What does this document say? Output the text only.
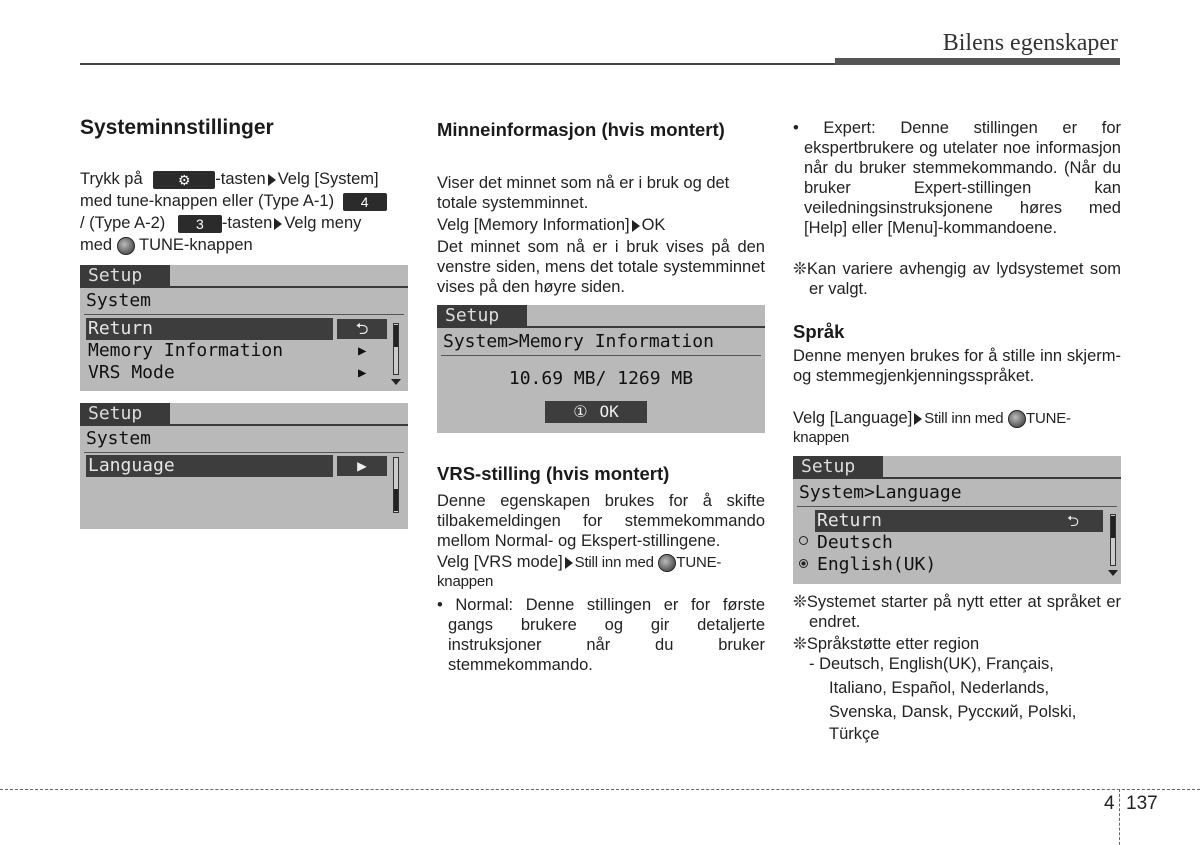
Bilens egenskaper
Systeminnstillinger
Trykk på	⚙ -tasten Velg [System]
med tune-knappen eller (Type A-1) 4
/ (Type A-2) 3 -tasten Velg meny
med TUNE-knappen
Setup
System
Return	⮌
Memory Information	▶
VRS Mode	▶
Setup
System
Language	▶
Minneinformasjon (hvis montert)
Viser det minnet som nå er i bruk og det totale systemminnet.
Velg [Memory Information] OK
Det minnet som nå er i bruk vises på den venstre siden, mens det totale systemminnet vises på den høyre siden.
Setup
System>Memory Information
10.69 MB/ 1269 MB
① OK
VRS-stilling (hvis montert)
Denne egenskapen brukes for å skifte tilbakemeldingen for stemmekommando mellom Normal- og Ekspert-stillingene.
Velg [VRS mode] Still inn med TUNE-
knappen
• Normal: Denne stillingen er for første gangs brukere og gir detaljerte instruksjoner når du bruker stemmekommando.
• Expert: Denne stillingen er for ekspertbrukere og utelater noe informasjon når du bruker stemmekommando. (Når du bruker Expert-stillingen kan veiledningsinstruksjonene høres med [Help] eller [Menu]-kommandoene.
❊Kan variere avhengig av lydsystemet som er valgt.
Språk
Denne menyen brukes for å stille inn skjerm- og stemmegjenkjenningsspråket.
Velg [Language] Still inn med TUNE-
knappen
Setup
System>Language
Return	⮌
Deutsch
English(UK)
❊Systemet starter på nytt etter at språket er endret.
❊Språkstøtte etter region
- Deutsch, English(UK), Français,
Italiano, Español, Nederlands,
Svenska, Dansk, Русский, Polski,
Türkçe
4 137
